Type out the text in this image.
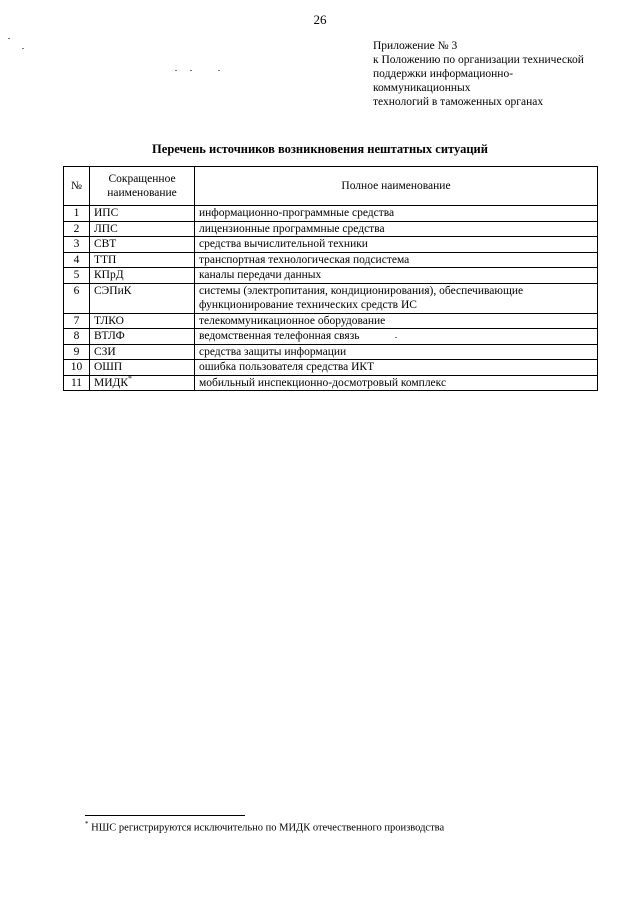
26
Приложение № 3
к Положению по организации технической
поддержки информационно-
коммуникационных
технологий в таможенных органах
Перечень источников возникновения нештатных ситуаций
№	Сокращенное наименование	Полное наименование
1	ИПС	информационно-программные средства
2	ЛПС	лицензионные программные средства
3	СВТ	средства вычислительной техники
4	ТТП	транспортная технологическая подсистема
5	КПрД	каналы передачи данных
6	СЭПиК	системы (электропитания, кондиционирования), обеспечивающие функционирование технических средств ИС
7	ТЛКО	телекоммуникационное оборудование
8	ВТЛФ	ведомственная телефонная связь
9	СЗИ	средства защиты информации
10	ОШП	ошибка пользователя средства ИКТ
11	МИДК*	мобильный инспекционно-досмотровый комплекс
* НШС регистрируются исключительно по МИДК отечественного производства
